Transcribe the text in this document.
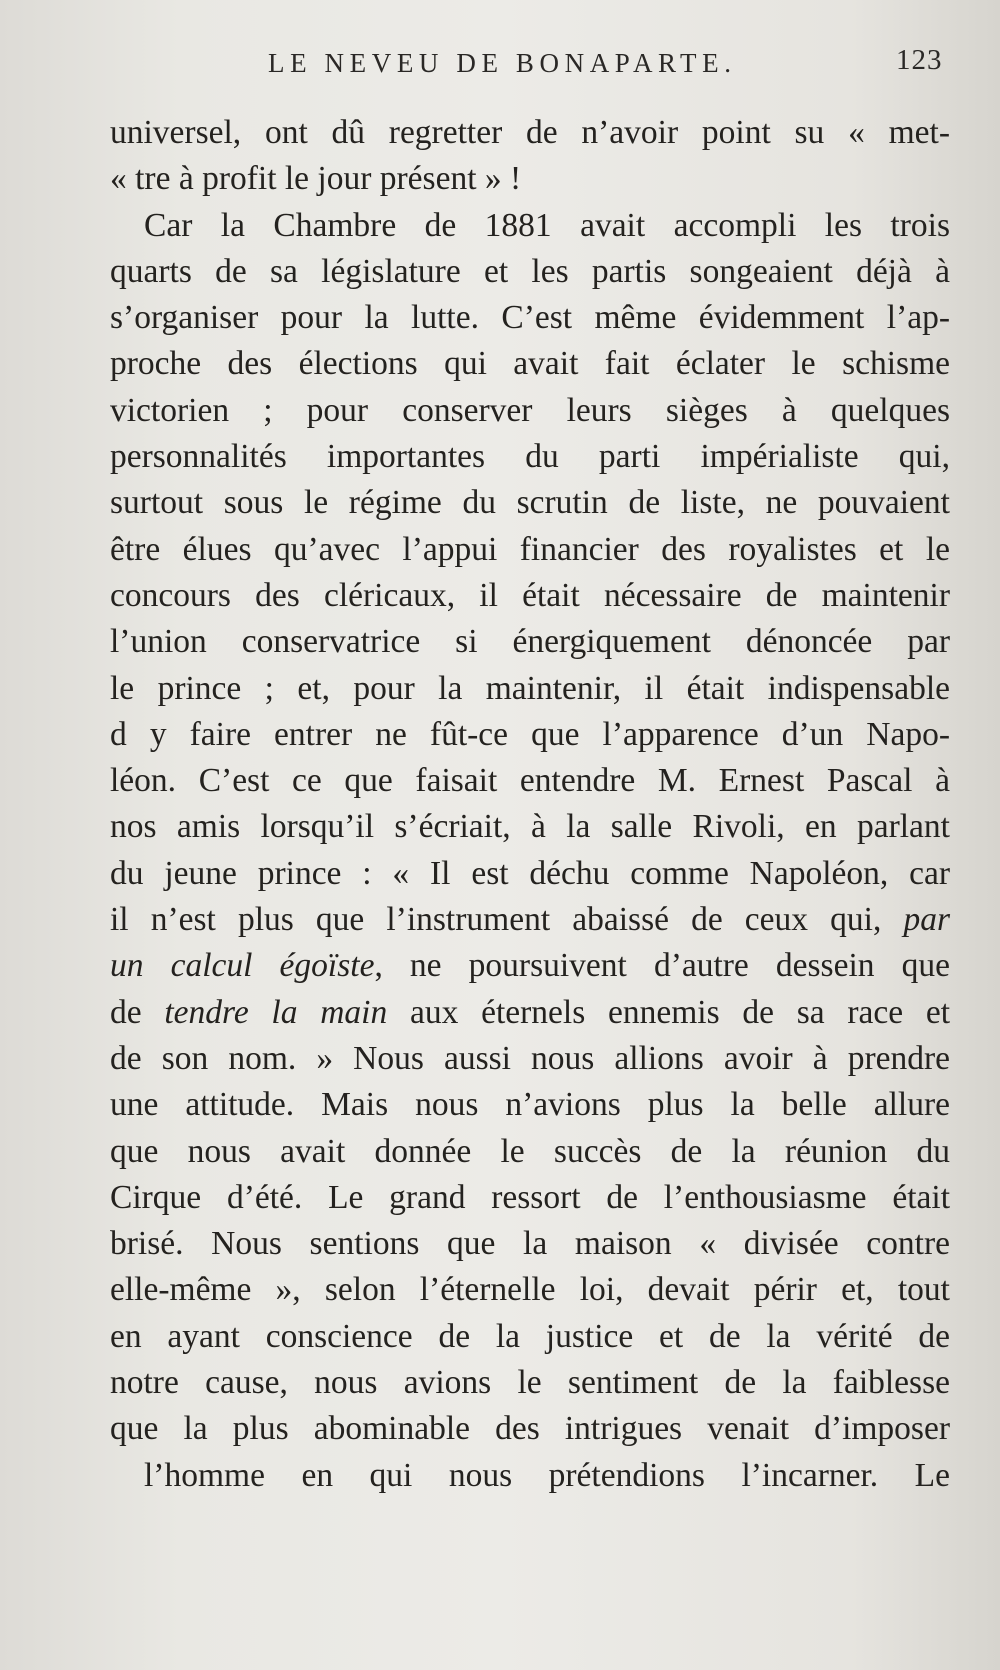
LE NEVEU DE BONAPARTE.	123
universel, ont dû regretter de n’avoir point su « met-
« tre à profit le jour présent » !
Car la Chambre de 1881 avait accompli les trois
quarts de sa législature et les partis songeaient déjà à
s’organiser pour la lutte. C’est même évidemment l’ap-
proche des élections qui avait fait éclater le schisme
victorien ; pour conserver leurs sièges à quelques
personnalités importantes du parti impérialiste qui,
surtout sous le régime du scrutin de liste, ne pouvaient
être élues qu’avec l’appui financier des royalistes et le
concours des cléricaux, il était nécessaire de maintenir
l’union conservatrice si énergiquement dénoncée par
le prince ; et, pour la maintenir, il était indispensable
d y faire entrer ne fût-ce que l’apparence d’un Napo-
léon. C’est ce que faisait entendre M. Ernest Pascal à
nos amis lorsqu’il s’écriait, à la salle Rivoli, en parlant
du jeune prince : « Il est déchu comme Napoléon, car
il n’est plus que l’instrument abaissé de ceux qui, par
un calcul égoïste, ne poursuivent d’autre dessein que
de tendre la main aux éternels ennemis de sa race et
de son nom. » Nous aussi nous allions avoir à prendre
une attitude. Mais nous n’avions plus la belle allure
que nous avait donnée le succès de la réunion du
Cirque d’été. Le grand ressort de l’enthousiasme était
brisé. Nous sentions que la maison « divisée contre
elle-même », selon l’éternelle loi, devait périr et, tout
en ayant conscience de la justice et de la vérité de
notre cause, nous avions le sentiment de la faiblesse
que la plus abominable des intrigues venait d’imposer
l’homme en qui nous prétendions l’incarner. Le
